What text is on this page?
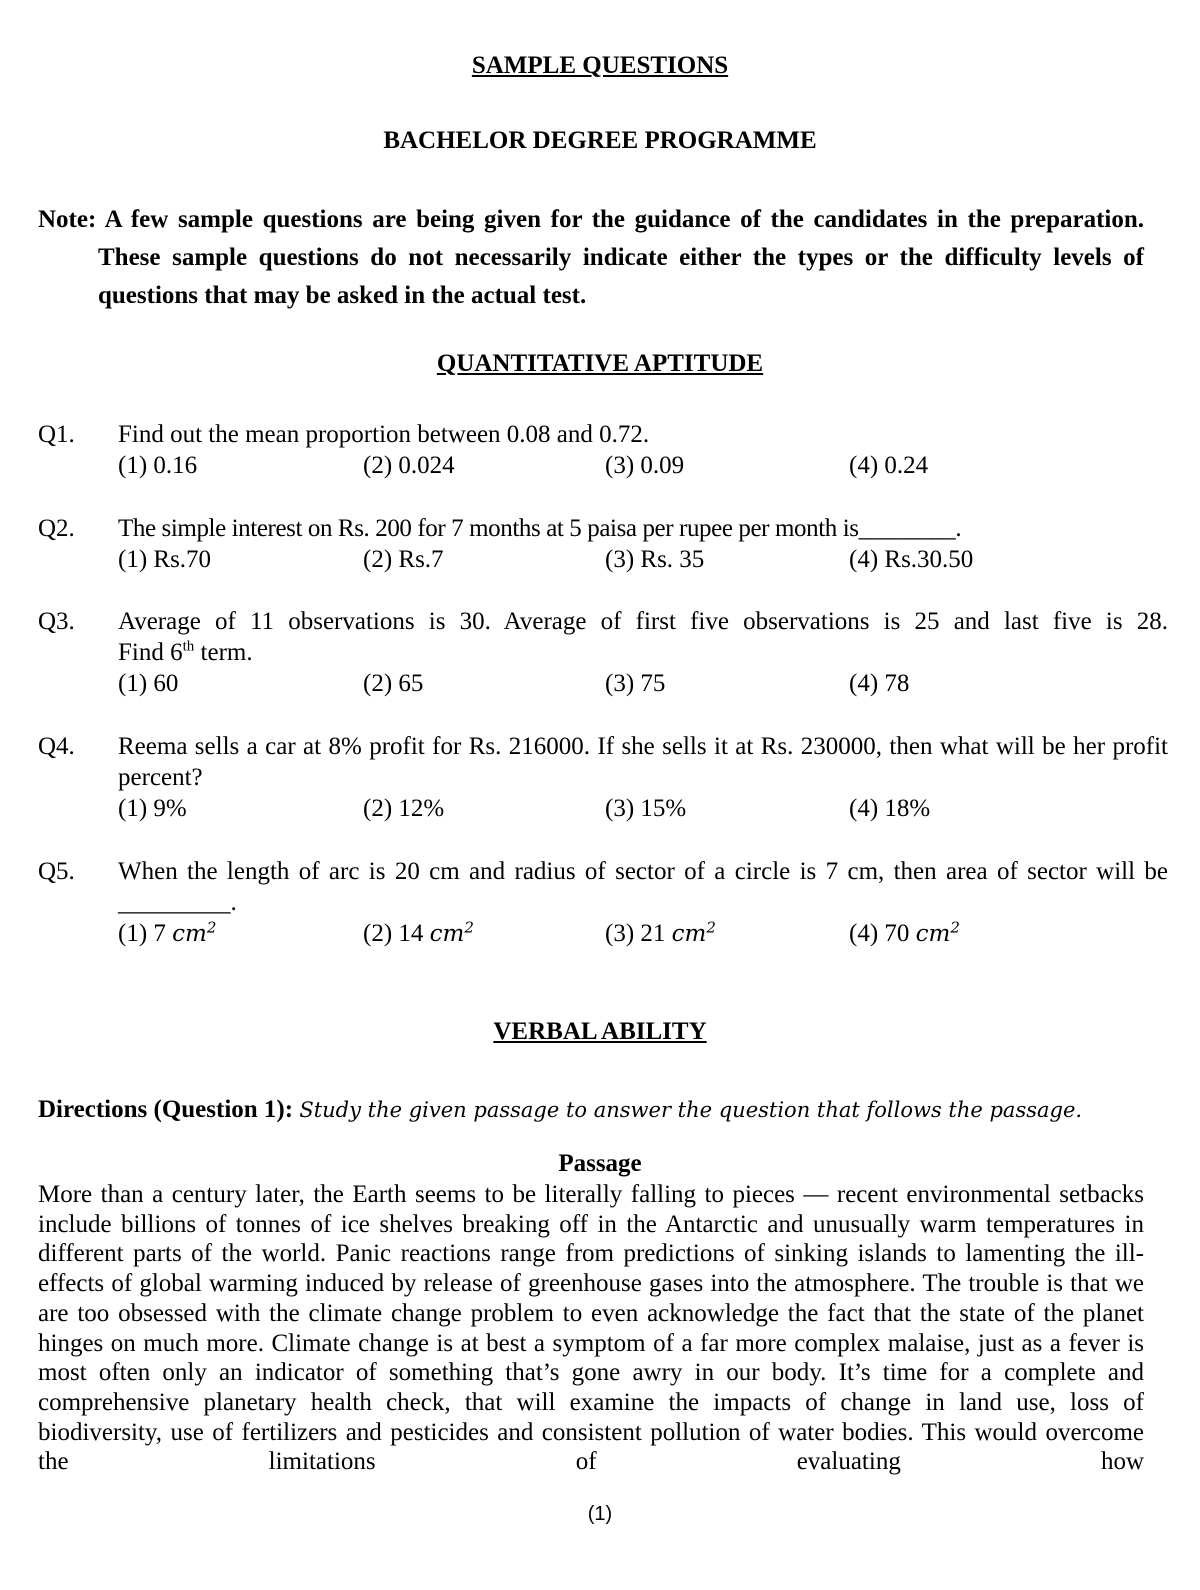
SAMPLE QUESTIONS
BACHELOR DEGREE PROGRAMME
Note: A few sample questions are being given for the guidance of the candidates in the preparation. These sample questions do not necessarily indicate either the types or the difficulty levels of questions that may be asked in the actual test.
QUANTITATIVE APTITUDE
Q1. Find out the mean proportion between 0.08 and 0.72.
(1) 0.16	(2) 0.024	(3) 0.09	(4) 0.24
Q2. The simple interest on Rs. 200 for 7 months at 5 paisa per rupee per month is________.
(1) Rs.70	(2) Rs.7	(3) Rs. 35	(4) Rs.30.50
Q3. Average of 11 observations is 30. Average of first five observations is 25 and last five is 28.
Find 6th term.
(1) 60	(2) 65	(3) 75	(4) 78
Q4. Reema sells a car at 8% profit for Rs. 216000. If she sells it at Rs. 230000, then what will be her profit percent?
(1) 9%	(2) 12%	(3) 15%	(4) 18%
Q5. When the length of arc is 20 cm and radius of sector of a circle is 7 cm, then area of sector will be _________.
(1) 7 $cm^2$	(2) 14 $cm^2$	(3) 21 $cm^2$	(4) 70 $cm^2$
VERBAL ABILITY
Directions (Question 1): Study the given passage to answer the question that follows the passage.
Passage
More than a century later, the Earth seems to be literally falling to pieces — recent environmental setbacks include billions of tonnes of ice shelves breaking off in the Antarctic and unusually warm temperatures in different parts of the world. Panic reactions range from predictions of sinking islands to lamenting the ill-effects of global warming induced by release of greenhouse gases into the atmosphere. The trouble is that we are too obsessed with the climate change problem to even acknowledge the fact that the state of the planet hinges on much more. Climate change is at best a symptom of a far more complex malaise, just as a fever is most often only an indicator of something that’s gone awry in our body. It’s time for a complete and comprehensive planetary health check, that will examine the impacts of change in land use, loss of biodiversity, use of fertilizers and pesticides and consistent pollution of water bodies. This would overcome the limitations of evaluating how
(1)
